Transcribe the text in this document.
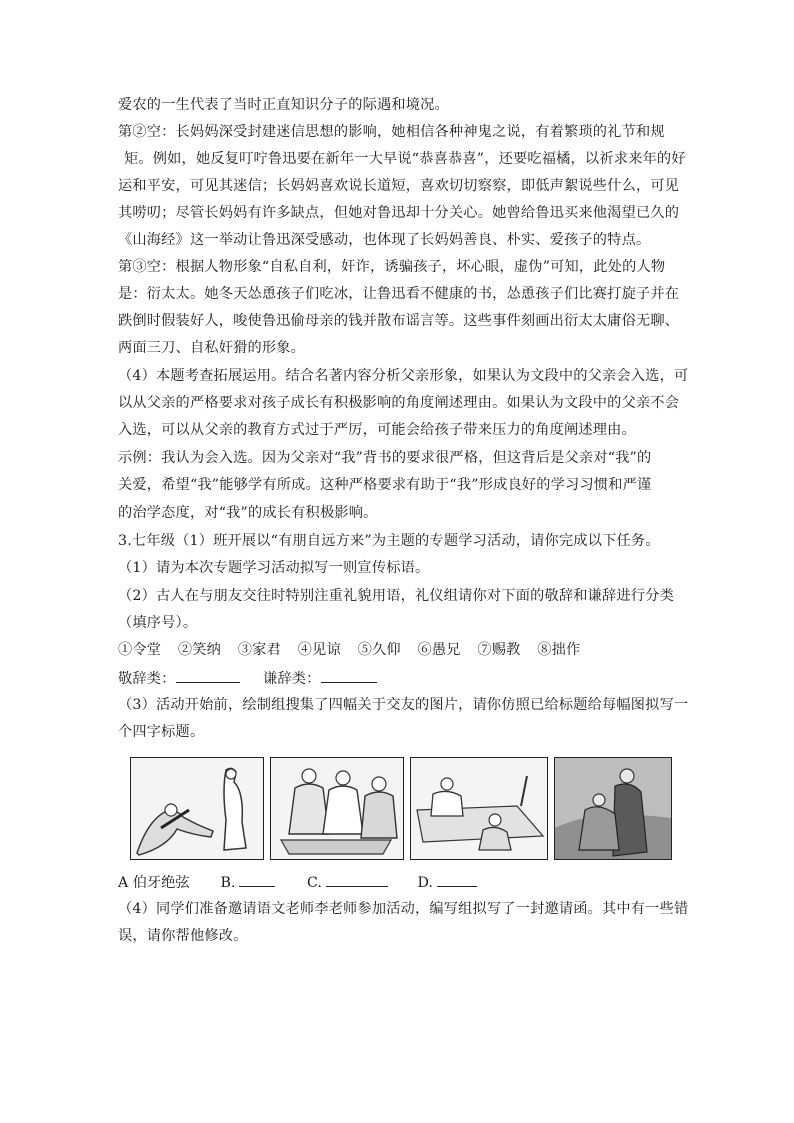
爱农的一生代表了当时正直知识分子的际遇和境况。
第②空：长妈妈深受封建迷信思想的影响，她相信各种神鬼之说，有着繁琐的礼节和规
矩。例如，她反复叮咛鲁迅要在新年一大早说“恭喜恭喜”，还要吃福橘，以祈求来年的好
运和平安，可见其迷信；长妈妈喜欢说长道短，喜欢切切察察，即低声絮说些什么，可见
其唠叨；尽管长妈妈有许多缺点，但她对鲁迅却十分关心。她曾给鲁迅买来他渴望已久的
《山海经》这一举动让鲁迅深受感动，也体现了长妈妈善良、朴实、爱孩子的特点。
第③空：根据人物形象“自私自利，奸诈，诱骗孩子，坏心眼，虚伪”可知，此处的人物
是：衍太太。她冬天怂恿孩子们吃冰，让鲁迅看不健康的书，怂恿孩子们比赛打旋子并在
跌倒时假装好人，唆使鲁迅偷母亲的钱并散布谣言等。这些事件刻画出衍太太庸俗无聊、
两面三刀、自私奸猾的形象。
（4）本题考查拓展运用。结合名著内容分析父亲形象，如果认为文段中的父亲会入选，可
以从父亲的严格要求对孩子成长有积极影响的角度阐述理由。如果认为文段中的父亲不会
入选，可以从父亲的教育方式过于严厉，可能会给孩子带来压力的角度阐述理由。
示例：我认为会入选。因为父亲对“我”背书的要求很严格，但这背后是父亲对“我”的
关爱，希望“我”能够学有所成。这种严格要求有助于“我”形成良好的学习习惯和严谨
的治学态度，对“我”的成长有积极影响。
3.七年级（1）班开展以“有朋自远方来”为主题的专题学习活动，请你完成以下任务。
（1）请为本次专题学习活动拟写一则宣传标语。
（2）古人在与朋友交往时特别注重礼貌用语，礼仪组请你对下面的敬辞和谦辞进行分类
（填序号）。
①令堂 ②笑纳 ③家君 ④见谅 ⑤久仰 ⑥愚兄 ⑦赐教 ⑧拙作
敬辞类：	谦辞类：
（3）活动开始前，绘制组搜集了四幅关于交友的图片，请你仿照已给标题给每幅图拟写一
个四字标题。
A 伯牙绝弦 B.	C.	D.
（4）同学们准备邀请语文老师李老师参加活动，编写组拟写了一封邀请函。其中有一些错
误，请你帮他修改。
